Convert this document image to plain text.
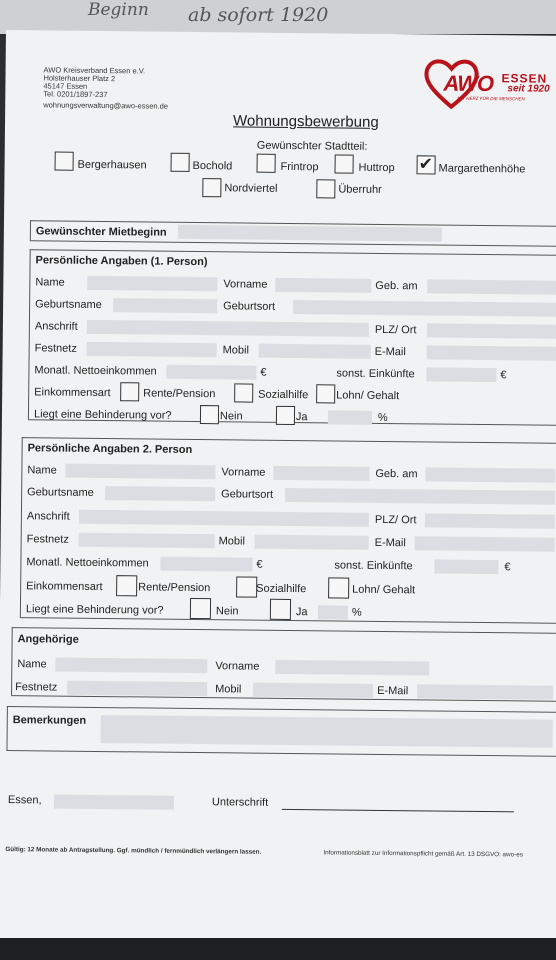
Beginn ab sofort 1920
AWO Kreisverband Essen e.V.
Holsterhauser Platz 2
45147 Essen
Tel. 0201/1897-237
wohnungsverwaltung@awo-essen.de
AWO ESSEN
seit 1920
MIT HERZ FÜR DIE MENSCHEN
Wohnungsbewerbung
Gewünschter Stadtteil:
Bergerhausen	Bochold	Frintrop	Huttrop ✔ Margarethenhöhe
Nordviertel	Überruhr
Gewünschter Mietbeginn
Persönliche Angaben (1. Person)
Name	Vorname	Geb. am
Geburtsname	Geburtsort
Anschrift	PLZ/ Ort
Festnetz	Mobil	E-Mail
Monatl. Nettoeinkommen	€	sonst. Einkünfte	€
Einkommensart	Rente/Pension	Sozialhilfe	Lohn/ Gehalt
Liegt eine Behinderung vor?	Nein	Ja	%
Persönliche Angaben 2. Person
Name	Vorname	Geb. am
Geburtsname	Geburtsort
Anschrift	PLZ/ Ort
Festnetz	Mobil	E-Mail
Monatl. Nettoeinkommen	€	sonst. Einkünfte	€
Einkommensart	Rente/Pension	Sozialhilfe	Lohn/ Gehalt
Liegt eine Behinderung vor?	Nein	Ja	%
Angehörige
Name	Vorname
Festnetz	Mobil	E-Mail
Bemerkungen
Essen,	Unterschrift
Gültig: 12 Monate ab Antragstellung. Ggf. mündlich / fernmündlich verlängern lassen.	Informationsblatt zur Informationspflicht gemäß Art. 13 DSGVO: awo-es
